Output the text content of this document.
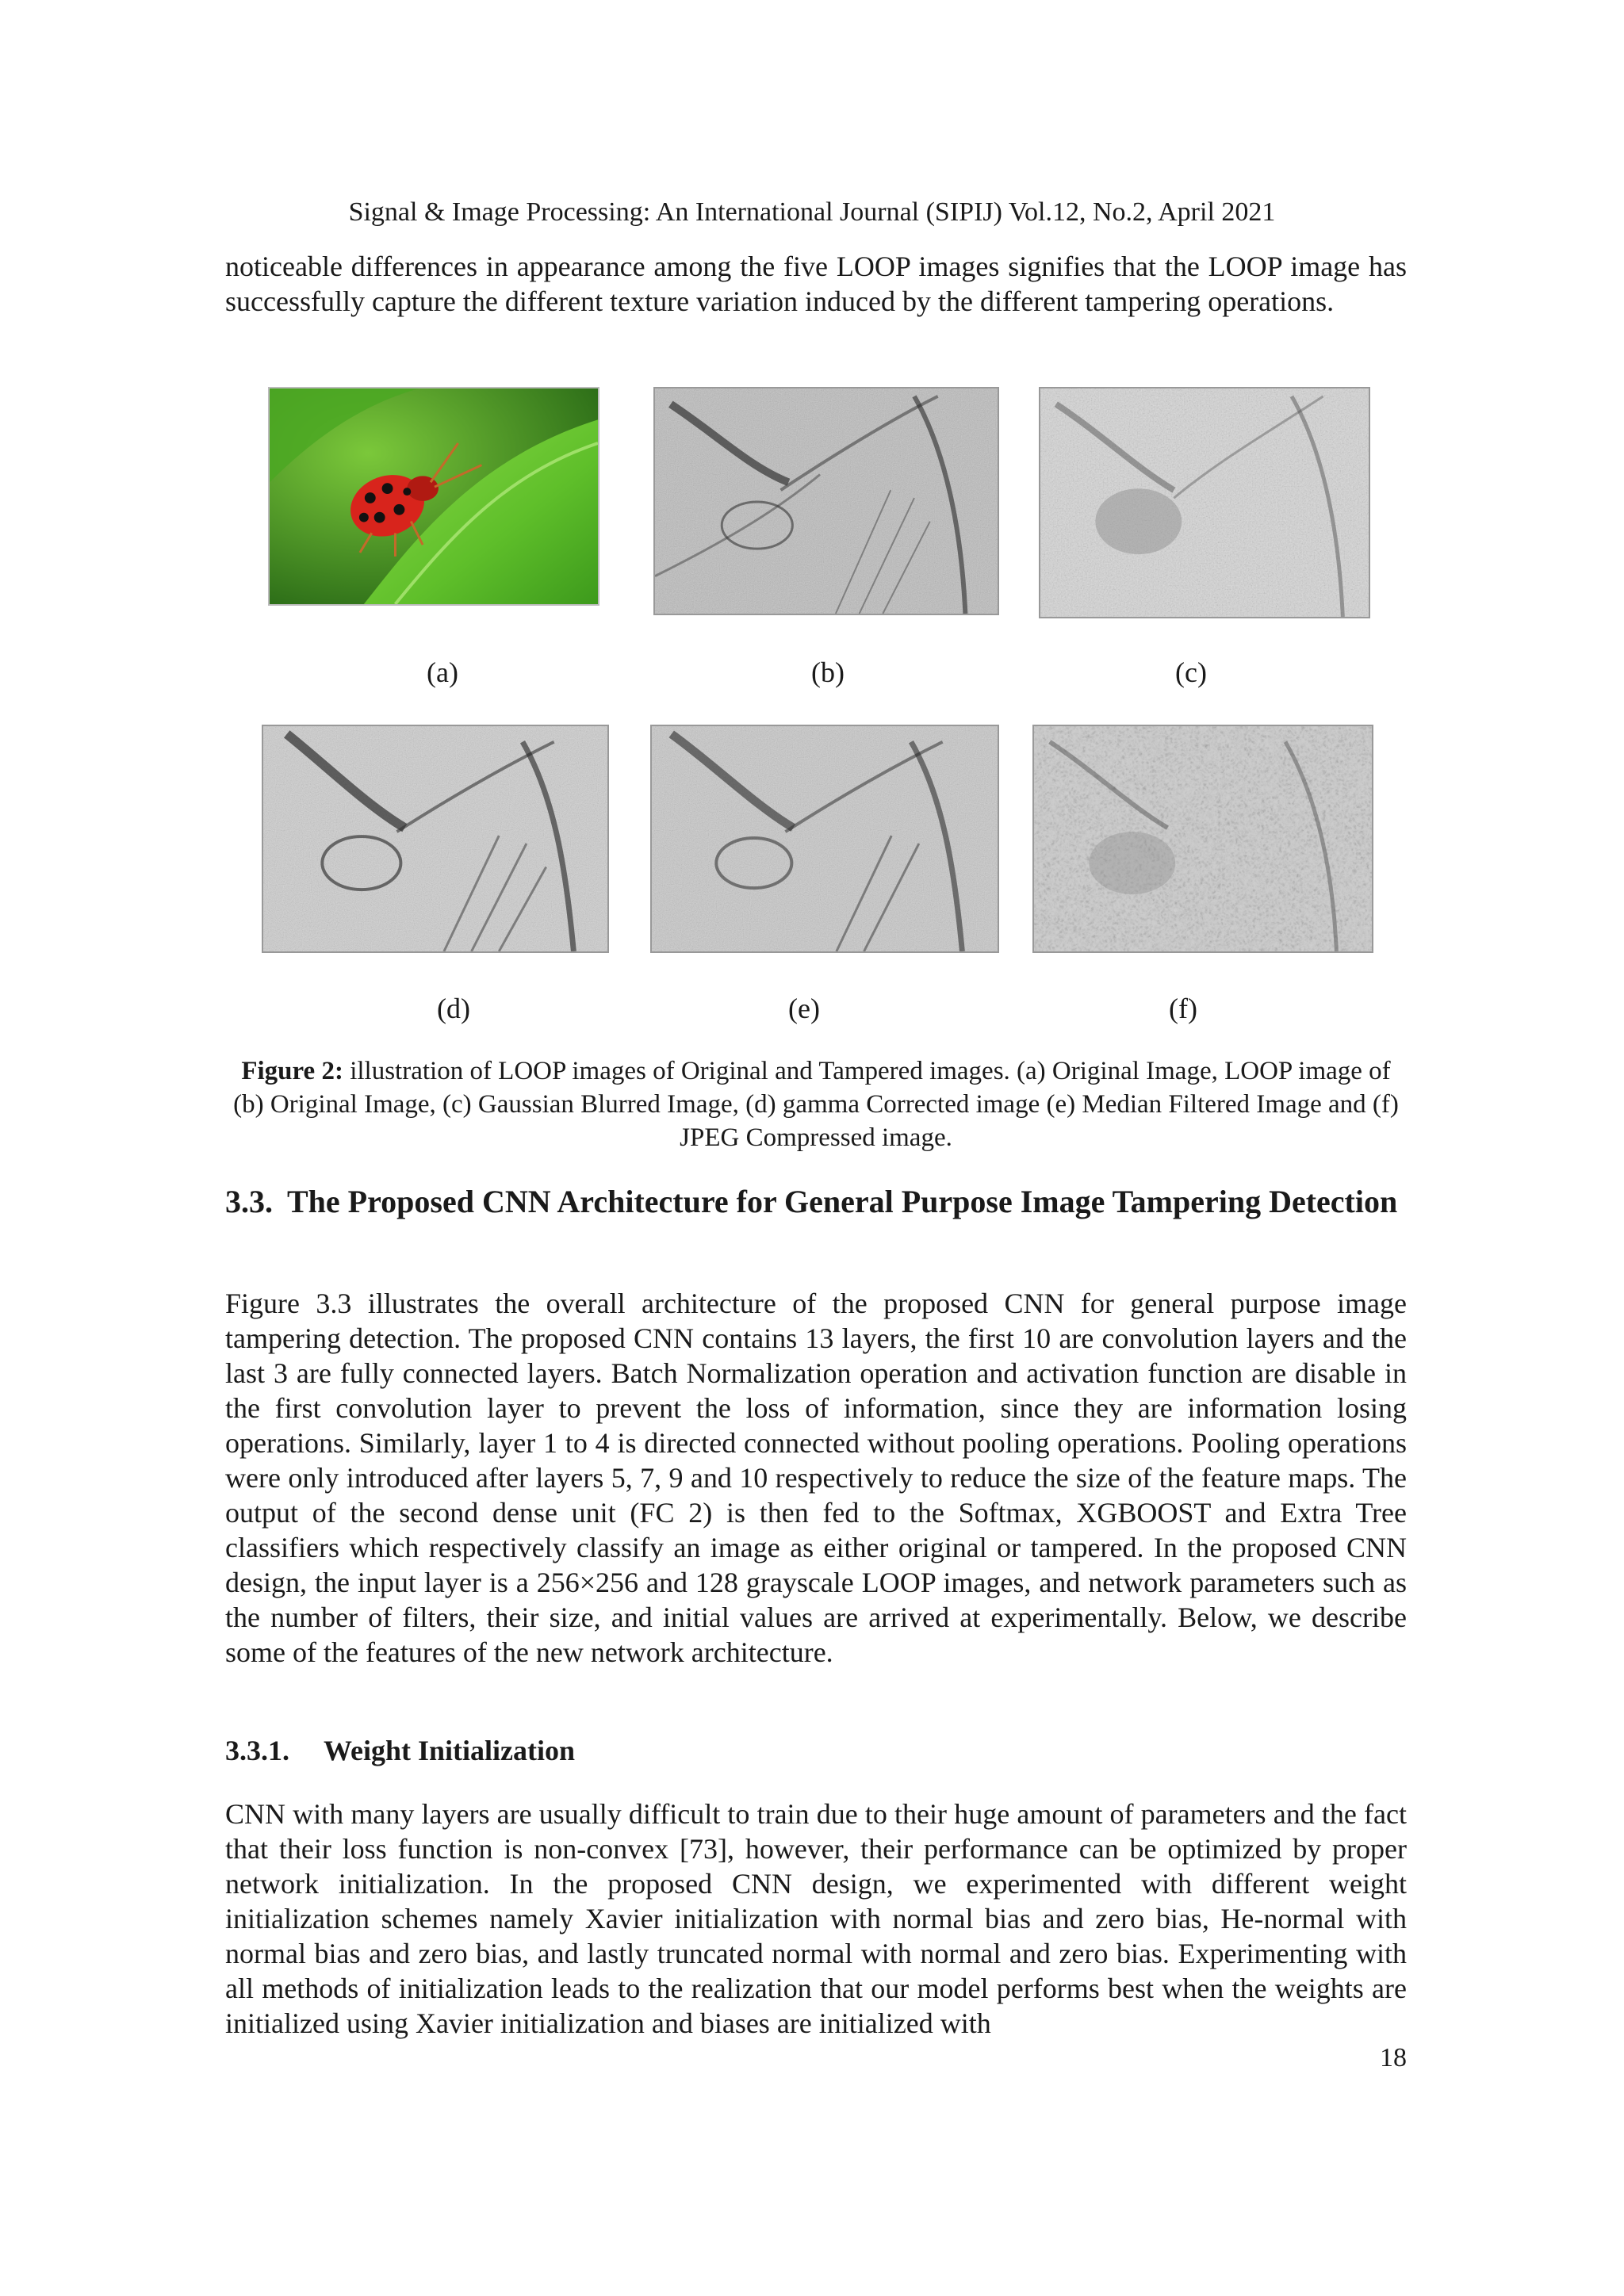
Signal & Image Processing: An International Journal (SIPIJ) Vol.12, No.2, April 2021

noticeable differences in appearance among the five LOOP images signifies that the LOOP image has successfully capture the different texture variation induced by the different tampering operations.

(a)	(b)	(c)
(d)	(e)	(f)

Figure 2: illustration of LOOP images of Original and Tampered images. (a) Original Image, LOOP image of (b) Original Image, (c) Gaussian Blurred Image, (d) gamma Corrected image (e) Median Filtered Image and (f) JPEG Compressed image.

3.3. The Proposed CNN Architecture for General Purpose Image Tampering Detection

Figure 3.3 illustrates the overall architecture of the proposed CNN for general purpose image tampering detection. The proposed CNN contains 13 layers, the first 10 are convolution layers and the last 3 are fully connected layers. Batch Normalization operation and activation function are disable in the first convolution layer to prevent the loss of information, since they are information losing operations. Similarly, layer 1 to 4 is directed connected without pooling operations. Pooling operations were only introduced after layers 5, 7, 9 and 10 respectively to reduce the size of the feature maps. The output of the second dense unit (FC 2) is then fed to the Softmax, XGBOOST and Extra Tree classifiers which respectively classify an image as either original or tampered. In the proposed CNN design, the input layer is a 256×256 and 128 grayscale LOOP images, and network parameters such as the number of filters, their size, and initial values are arrived at experimentally. Below, we describe some of the features of the new network architecture.

3.3.1. Weight Initialization

CNN with many layers are usually difficult to train due to their huge amount of parameters and the fact that their loss function is non-convex [73], however, their performance can be optimized by proper network initialization. In the proposed CNN design, we experimented with different weight initialization schemes namely Xavier initialization with normal bias and zero bias, He-normal with normal bias and zero bias, and lastly truncated normal with normal and zero bias. Experimenting with all methods of initialization leads to the realization that our model performs best when the weights are initialized using Xavier initialization and biases are initialized with

18
